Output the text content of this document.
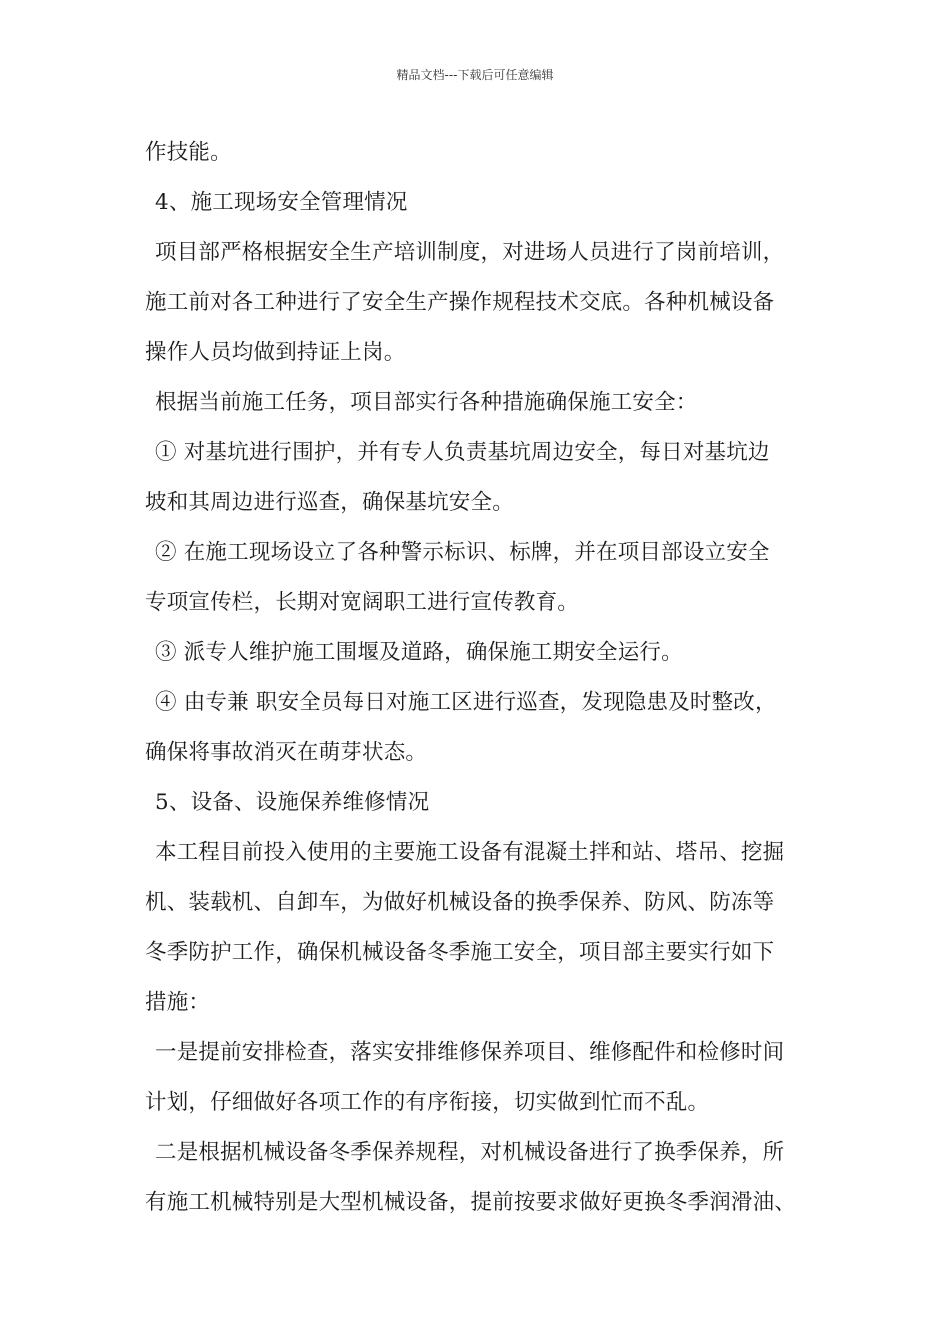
精品文档---下载后可任意编辑
作技能。
4、施工现场安全管理情况
项目部严格根据安全生产培训制度，对进场人员进行了岗前培训，
施工前对各工种进行了安全生产操作规程技术交底。各种机械设备
操作人员均做到持证上岗。
根据当前施工任务，项目部实行各种措施确保施工安全：
① 对基坑进行围护，并有专人负责基坑周边安全，每日对基坑边
坡和其周边进行巡查，确保基坑安全。
② 在施工现场设立了各种警示标识、标牌，并在项目部设立安全
专项宣传栏，长期对宽阔职工进行宣传教育。
③ 派专人维护施工围堰及道路，确保施工期安全运行。
④ 由专兼 职安全员每日对施工区进行巡查，发现隐患及时整改，
确保将事故消灭在萌芽状态。
5、设备、设施保养维修情况
本工程目前投入使用的主要施工设备有混凝土拌和站、塔吊、挖掘
机、装载机、自卸车，为做好机械设备的换季保养、防风、防冻等
冬季防护工作，确保机械设备冬季施工安全，项目部主要实行如下
措施：
一是提前安排检查，落实安排维修保养项目、维修配件和检修时间
计划，仔细做好各项工作的有序衔接，切实做到忙而不乱。
二是根据机械设备冬季保养规程，对机械设备进行了换季保养，所
有施工机械特别是大型机械设备，提前按要求做好更换冬季润滑油、
